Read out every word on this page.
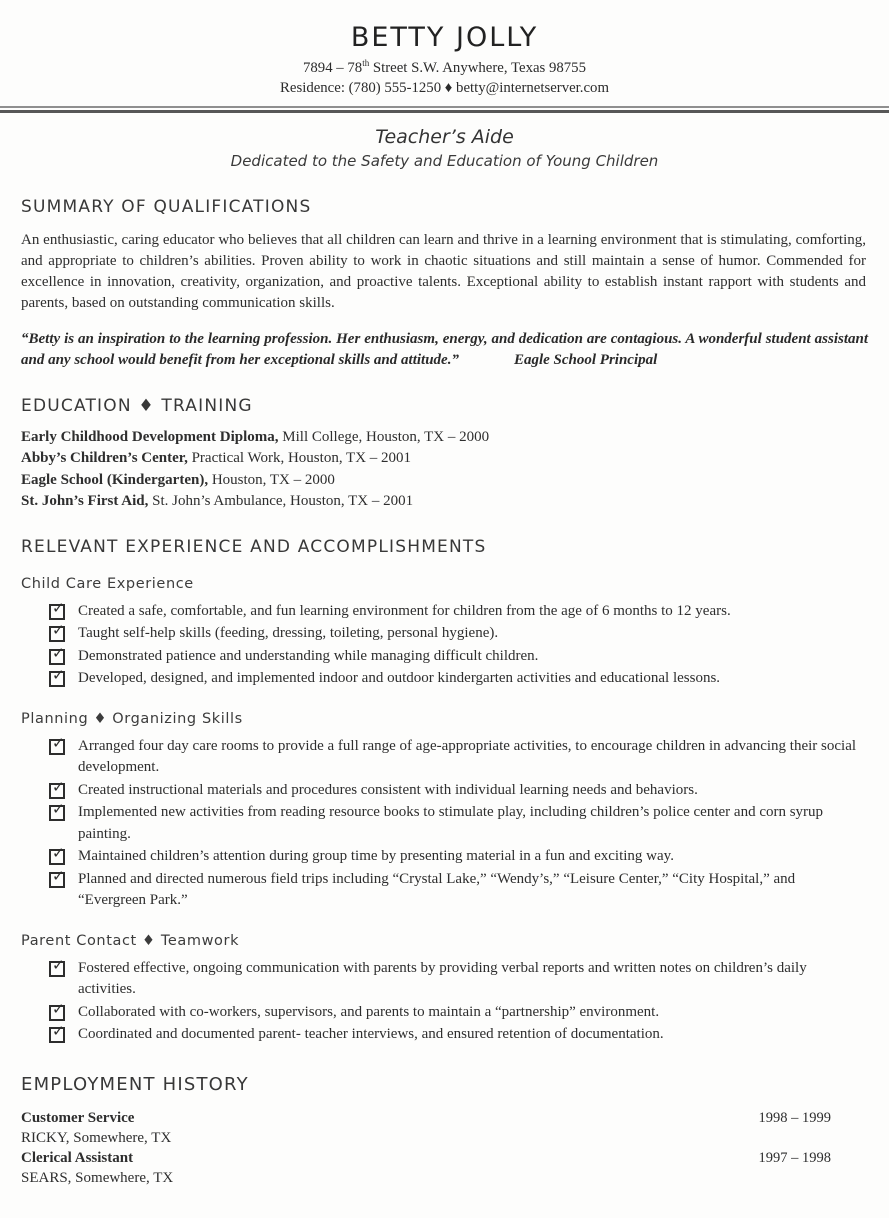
BETTY JOLLY
7894 – 78th Street S.W. Anywhere, Texas 98755
Residence: (780) 555-1250 ♦ betty@internetserver.com
Teacher’s Aide
Dedicated to the Safety and Education of Young Children
SUMMARY OF QUALIFICATIONS

An enthusiastic, caring educator who believes that all children can learn and thrive in a learning environment that is stimulating, comforting, and appropriate to children’s abilities. Proven ability to work in chaotic situations and still maintain a sense of humor. Commended for excellence in innovation, creativity, organization, and proactive talents. Exceptional ability to establish instant rapport with students and parents, based on outstanding communication skills.

“Betty is an inspiration to the learning profession. Her enthusiasm, energy, and dedication are contagious. A wonderful student assistant and any school would benefit from her exceptional skills and attitude.”	Eagle School Principal

EDUCATION ♦ TRAINING
Early Childhood Development Diploma, Mill College, Houston, TX – 2000
Abby’s Children’s Center, Practical Work, Houston, TX – 2001
Eagle School (Kindergarten), Houston, TX – 2000
St. John’s First Aid, St. John’s Ambulance, Houston, TX – 2001
RELEVANT EXPERIENCE AND ACCOMPLISHMENTS
Child Care Experience
✓
Created a safe, comfortable, and fun learning environment for children from the age of 6 months to 12 years.
✓
Taught self-help skills (feeding, dressing, toileting, personal hygiene).
✓
Demonstrated patience and understanding while managing difficult children.
✓
Developed, designed, and implemented indoor and outdoor kindergarten activities and educational lessons.
Planning ♦ Organizing Skills
✓
Arranged four day care rooms to provide a full range of age-appropriate activities, to encourage children in advancing their social development.
✓
Created instructional materials and procedures consistent with individual learning needs and behaviors.
✓
Implemented new activities from reading resource books to stimulate play, including children’s police center and corn syrup painting.
✓
Maintained children’s attention during group time by presenting material in a fun and exciting way.
✓
Planned and directed numerous field trips including “Crystal Lake,” “Wendy’s,” “Leisure Center,” “City Hospital,” and “Evergreen Park.”
Parent Contact ♦ Teamwork
✓
Fostered effective, ongoing communication with parents by providing verbal reports and written notes on children’s daily activities.
✓
Collaborated with co-workers, supervisors, and parents to maintain a “partnership” environment.
✓
Coordinated and documented parent- teacher interviews, and ensured retention of documentation.
EMPLOYMENT HISTORY
Customer Service	1998 – 1999
RICKY, Somewhere, TX
Clerical Assistant	1997 – 1998
SEARS, Somewhere, TX
